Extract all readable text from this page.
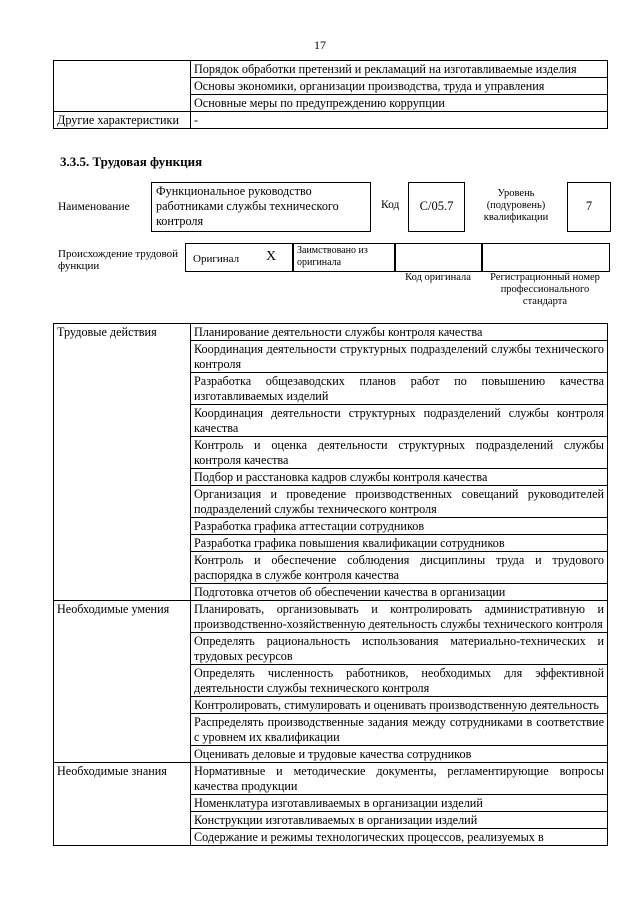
17
	Порядок обработки претензий и рекламаций на изготавливаемые изделия
	Основы экономики, организации производства, труда и управления
	Основные меры по предупреждению коррупции
Другие характеристики	-
3.3.5. Трудовая функция
Наименование
Функциональное руководство работниками службы технического контроля
Код	C/05.7
Уровень (подуровень) квалификации
7
Происхождение трудовой функции
Оригинал X	Заимствовано из оригинала
Код оригинала	Регистрационный номер профессионального стандарта
Трудовые действия	Планирование деятельности службы контроля качества
	Координация деятельности структурных подразделений службы технического контроля
	Разработка общезаводских планов работ по повышению качества изготавливаемых изделий
	Координация деятельности структурных подразделений службы контроля качества
	Контроль и оценка деятельности структурных подразделений службы контроля качества
	Подбор и расстановка кадров службы контроля качества
	Организация и проведение производственных совещаний руководителей подразделений службы технического контроля
	Разработка графика аттестации сотрудников
	Разработка графика повышения квалификации сотрудников
	Контроль и обеспечение соблюдения дисциплины труда и трудового распорядка в службе контроля качества
	Подготовка отчетов об обеспечении качества в организации
Необходимые умения	Планировать, организовывать и контролировать административную и производственно-хозяйственную деятельность службы технического контроля
	Определять рациональность использования материально-технических и трудовых ресурсов
	Определять численность работников, необходимых для эффективной деятельности службы технического контроля
	Контролировать, стимулировать и оценивать производственную деятельность
	Распределять производственные задания между сотрудниками в соответствие с уровнем их квалификации
	Оценивать деловые и трудовые качества сотрудников
Необходимые знания	Нормативные и методические документы, регламентирующие вопросы качества продукции
	Номенклатура изготавливаемых в организации изделий
	Конструкции изготавливаемых в организации изделий
	Содержание и режимы технологических процессов, реализуемых в
